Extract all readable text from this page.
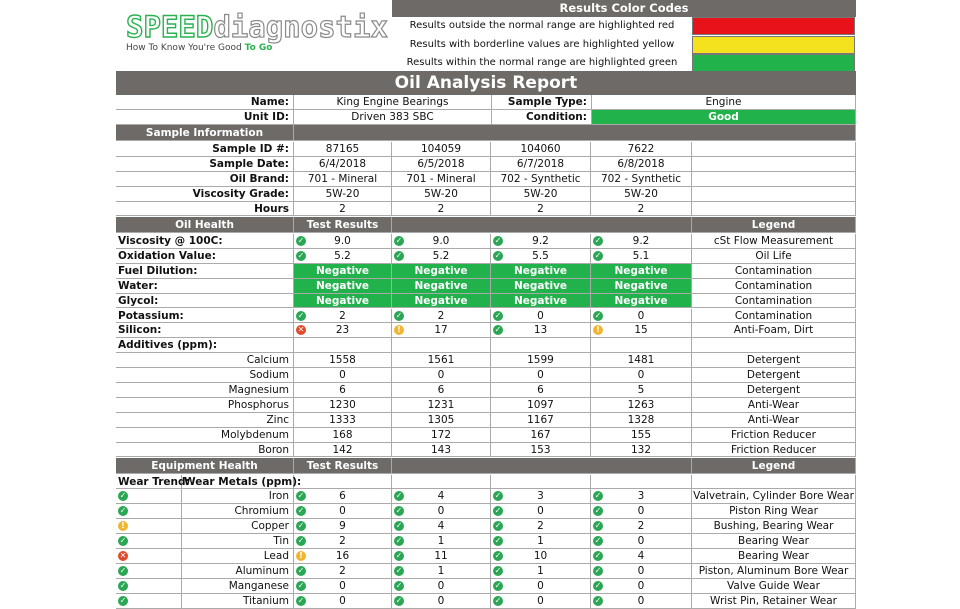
SPEEDdiagnostix
How To Know You're Good To Go
Results Color Codes
Results outside the normal range are highlighted red
Results with borderline values are highlighted yellow
Results within the normal range are highlighted green
Oil Analysis Report
Name:	King Engine Bearings	Sample Type:	Engine
Unit ID:	Driven 383 SBC	Condition:	Good
Sample Information
Sample ID #:	87165	104059	104060	7622
Sample Date:	6/4/2018	6/5/2018	6/7/2018	6/8/2018
Oil Brand:	701 - Mineral	701 - Mineral	702 - Synthetic	702 - Synthetic
Viscosity Grade:	5W-20	5W-20	5W-20	5W-20
Hours	2	2	2	2
Oil Health	Test Results	Legend
Viscosity @ 100C:	✓	9.0	✓	9.0	✓	9.2	✓	9.2	cSt Flow Measurement
Oxidation Value:	✓	5.2	✓	5.2	✓	5.5	✓	5.1	Oil Life
Fuel Dilution:	Negative	Negative	Negative	Negative	Contamination
Water:	Negative	Negative	Negative	Negative	Contamination
Glycol:	Negative	Negative	Negative	Negative	Contamination
Potassium:	✓	2	✓	2	✓	0	✓	0	Contamination
Silicon:	✕	23	!	17	✓	13	!	15	Anti-Foam, Dirt
Additives (ppm):
Calcium	1558	1561	1599	1481	Detergent
Sodium	0	0	0	0	Detergent
Magnesium	6	6	6	5	Detergent
Phosphorus	1230	1231	1097	1263	Anti-Wear
Zinc	1333	1305	1167	1328	Anti-Wear
Molybdenum	168	172	167	155	Friction Reducer
Boron	142	143	153	132	Friction Reducer
Equipment Health	Test Results	Legend
Wear Trend:
Wear Metals (ppm):
✓	Iron	✓	6	✓	4	✓	3	✓	3	Valvetrain, Cylinder Bore Wear
✓	Chromium	✓	0	✓	0	✓	0	✓	0	Piston Ring Wear
!	Copper	✓	9	✓	4	✓	2	✓	2	Bushing, Bearing Wear
✓	Tin	✓	2	✓	1	✓	1	✓	0	Bearing Wear
✕	Lead	!	16	✓	11	✓	10	✓	4	Bearing Wear
✓	Aluminum	✓	2	✓	1	✓	1	✓	0	Piston, Aluminum Bore Wear
✓	Manganese	✓	0	✓	0	✓	0	✓	0	Valve Guide Wear
✓	Titanium	✓	0	✓	0	✓	0	✓	0	Wrist Pin, Retainer Wear
